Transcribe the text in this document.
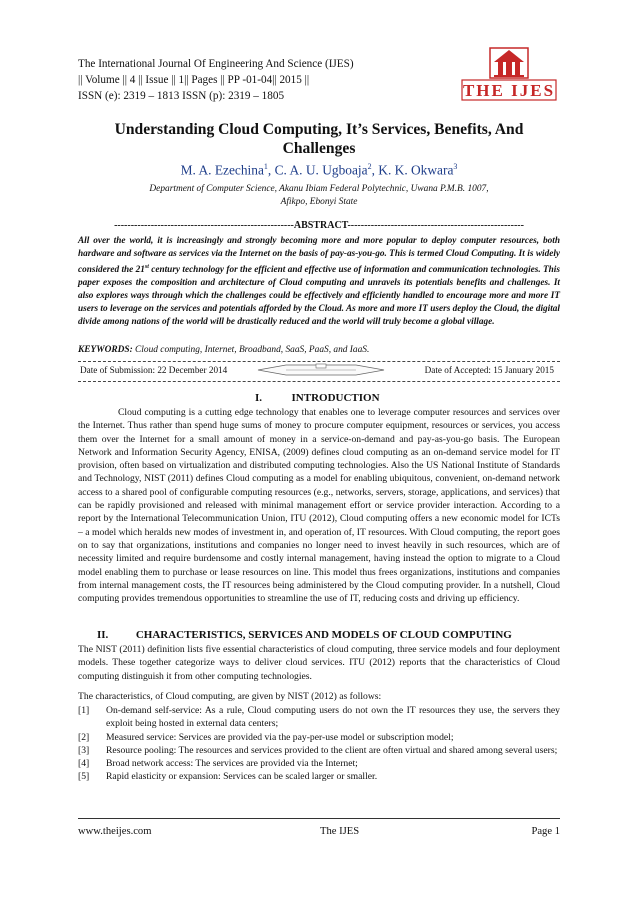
The International Journal Of Engineering And Science (IJES)
|| Volume || 4 || Issue || 1|| Pages || PP -01-04|| 2015 ||
ISSN (e): 2319 – 1813 ISSN (p): 2319 – 1805	THE IJES
Understanding Cloud Computing, It’s Services, Benefits, And Challenges
M. A. Ezechina$^1$, C. A. U. Ugboaja$^2$, K. K. Okwara$^3$
Department of Computer Science, Akanu Ibiam Federal Polytechnic, Uwana P.M.B. 1007,
Afikpo, Ebonyi State
------------------------------------------------------ABSTRACT-----------------------------------------------------
All over the world, it is increasingly and strongly becoming more and more popular to deploy computer resources, both hardware and software as services via the Internet on the basis of pay-as-you-go. This is termed Cloud Computing. It is widely considered the 21st century technology for the efficient and effective use of information and communication technologies. This paper exposes the composition and architecture of Cloud computing and unravels its potentials benefits and challenges. It also explores ways through which the challenges could be effectively and efficiently handled to encourage more and more IT users to leverage on the services and potentials afforded by the Cloud. As more and more IT users deploy the Cloud, the digital divide among nations of the world will be drastically reduced and the world will truly become a global village.
KEYWORDS: Cloud computing, Internet, Broadband, SaaS, PaaS, and IaaS.
Date of Submission: 22 December 2014	Date of Accepted: 15 January 2015
I.	INTRODUCTION
Cloud computing is a cutting edge technology that enables one to leverage computer resources and services over the Internet. Thus rather than spend huge sums of money to procure computer equipment, resources or services, you access them over the Internet for a small amount of money in a service-on-demand and pay-as-you-go basis. The European Network and Information Security Agency, ENISA, (2009) defines cloud computing as an on-demand service model for IT provision, often based on virtualization and distributed computing technologies. Also the US National Institute of Standards and Technology, NIST (2011) defines Cloud computing as a model for enabling ubiquitous, convenient, on-demand network access to a shared pool of configurable computing resources (e.g., networks, servers, storage, applications, and services) that can be rapidly provisioned and released with minimal management effort or service provider interaction. According to a report by the International Telecommunication Union, ITU (2012), Cloud computing offers a new economic model for ICTs – a model which heralds new modes of investment in, and operation of, IT resources. With Cloud computing, the report goes on to say that organizations, institutions and companies no longer need to invest heavily in such resources, which are of necessity limited and require burdensome and costly internal management, having instead the option to migrate to a Cloud model enabling them to purchase or lease resources on line. This model thus frees organizations, institutions and companies from internal management costs, the IT resources being administered by the Cloud computing provider. In a nutshell, Cloud computing provides tremendous opportunities to streamline the use of IT, reducing costs and driving up efficiency.
II.	CHARACTERISTICS, SERVICES AND MODELS OF CLOUD COMPUTING
The NIST (2011) definition lists five essential characteristics of cloud computing, three service models and four deployment models. These together categorize ways to deliver cloud services. ITU (2012) reports that the characteristics of Cloud computing distinguish it from other computing technologies.
The characteristics, of Cloud computing, are given by NIST (2012) as follows:
[1]	On-demand self-service: As a rule, Cloud computing users do not own the IT resources they use, the servers they exploit being hosted in external data centers;
[2]	Measured service: Services are provided via the pay-per-use model or subscription model;
[3]	Resource pooling: The resources and services provided to the client are often virtual and shared among several users;
[4]	Broad network access: The services are provided via the Internet;
[5]	Rapid elasticity or expansion: Services can be scaled larger or smaller.
www.theijes.com	The IJES	Page 1
